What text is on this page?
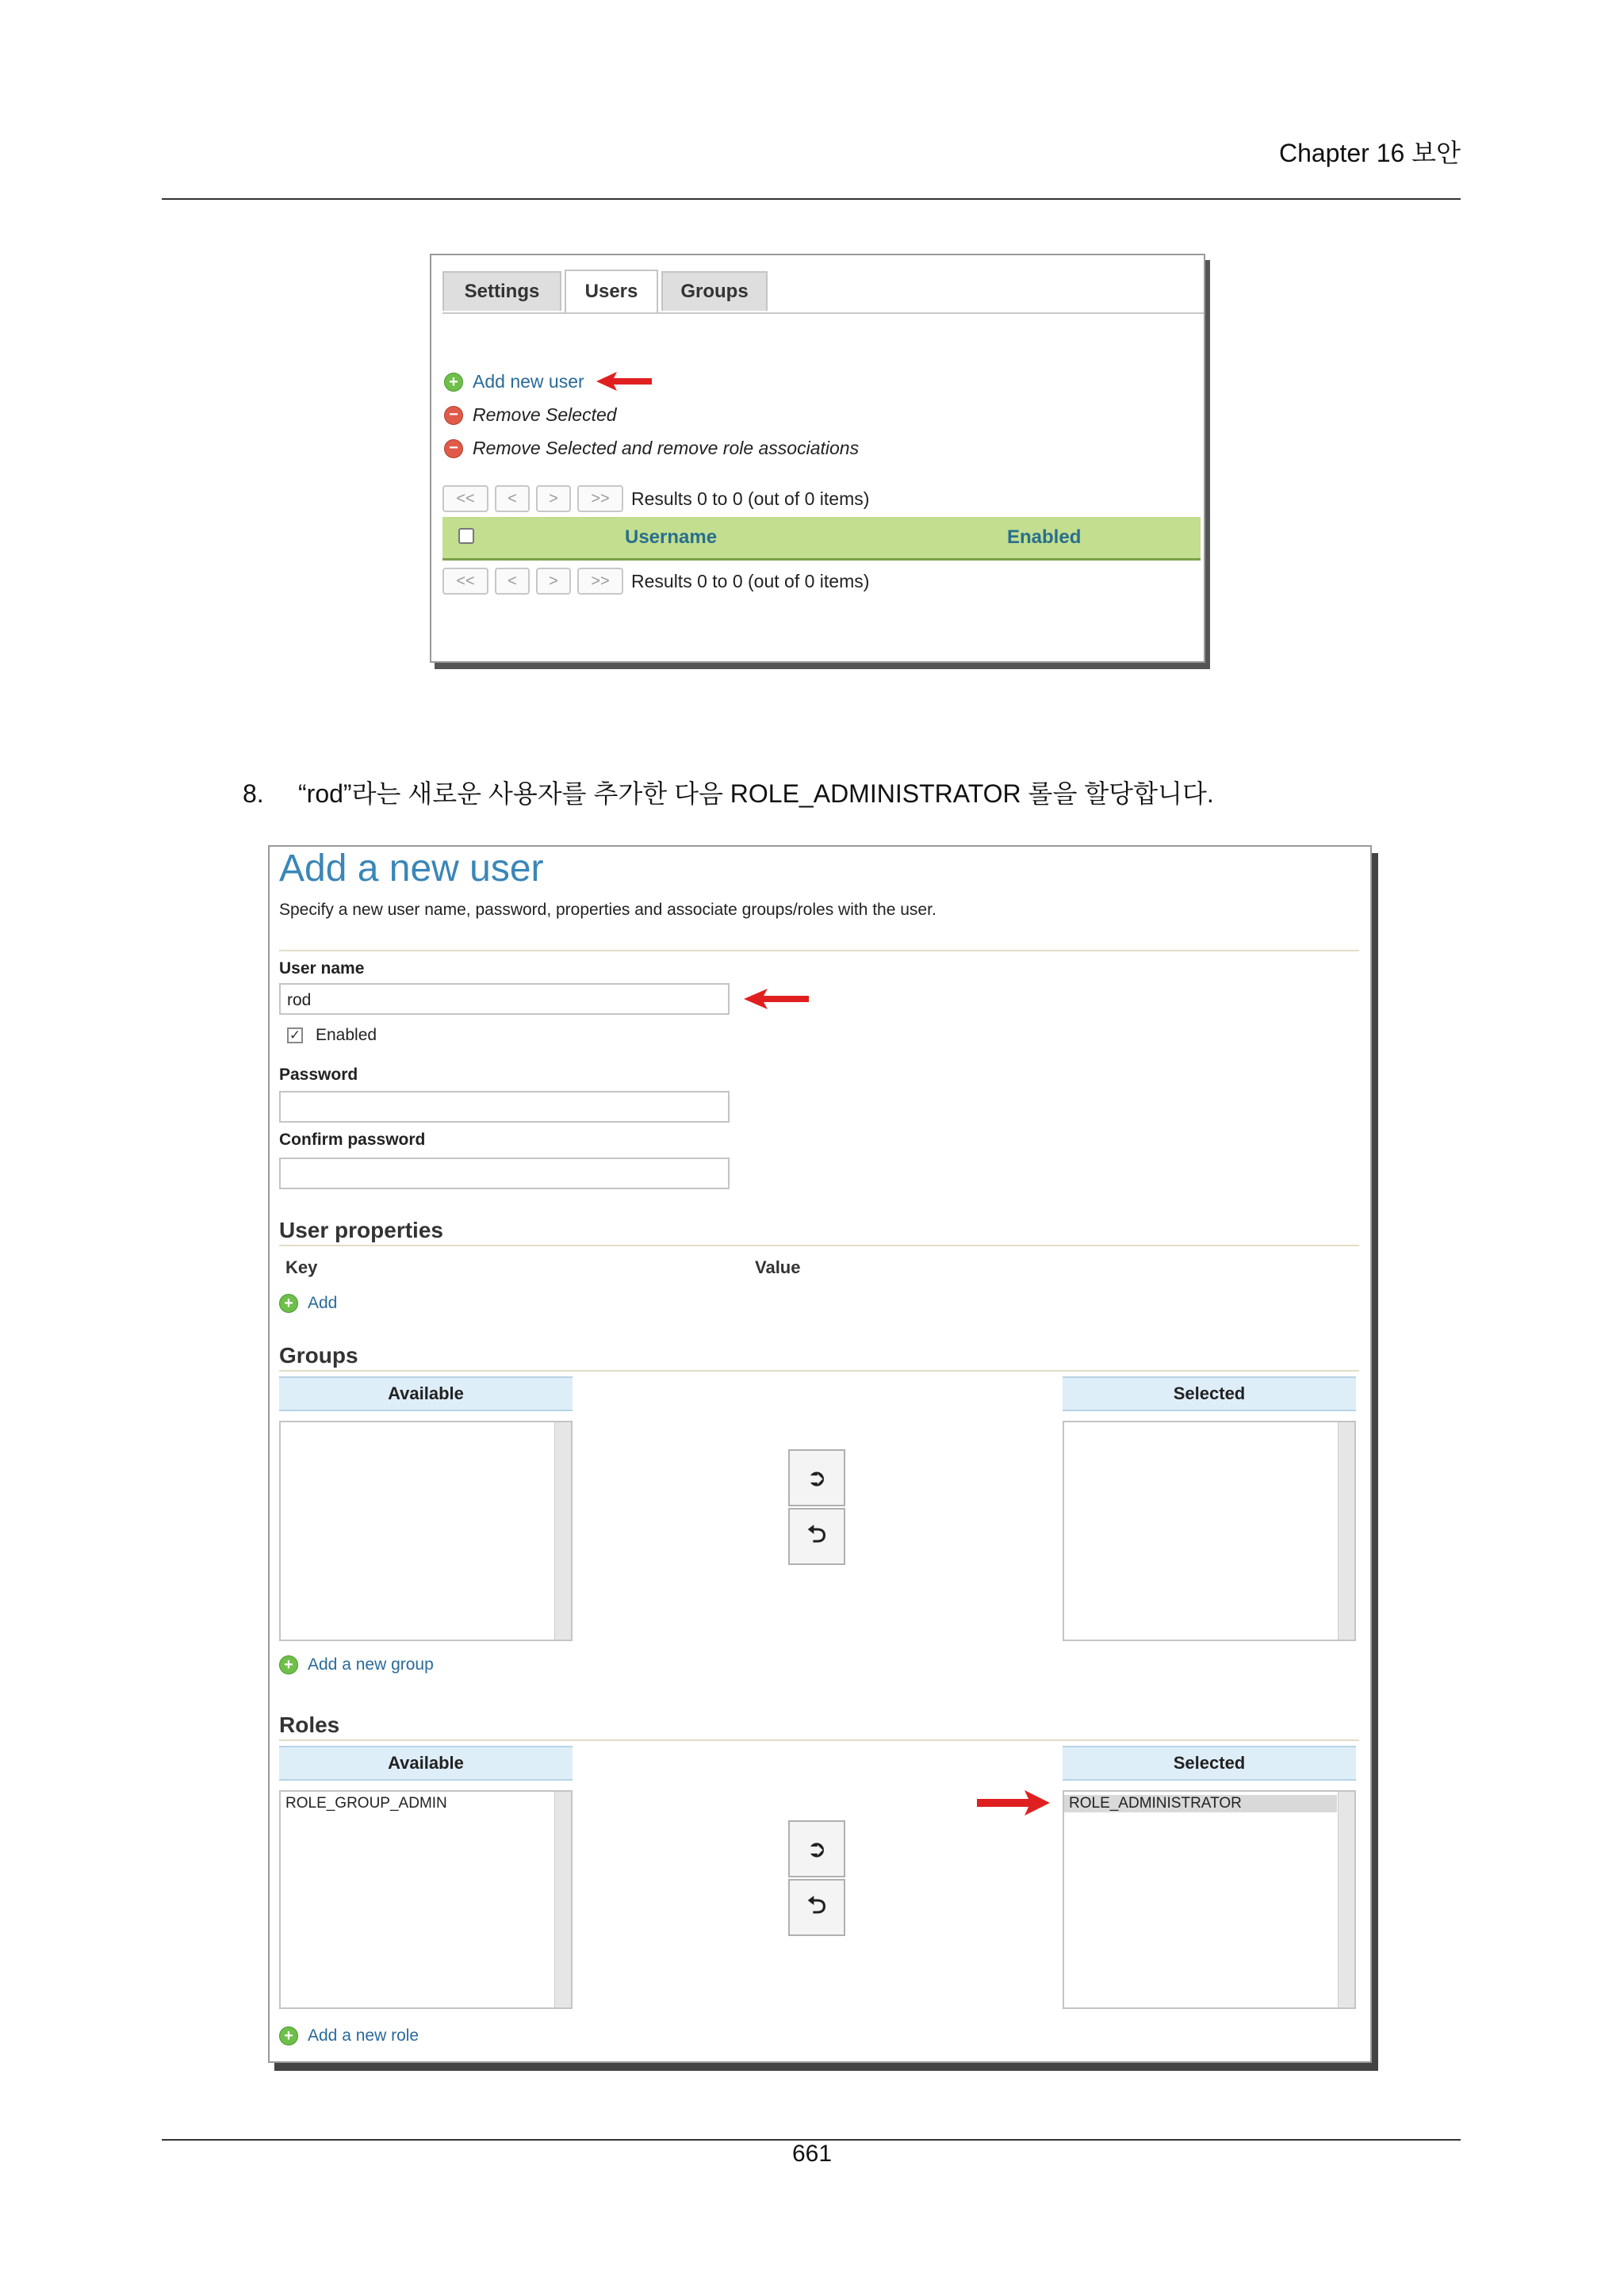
Chapter 16 보안
Settings	Users	Groups
+ Add new user
− Remove Selected
− Remove Selected and remove role associations
<<	<	>	>>	Results 0 to 0 (out of 0 items)
Username	Enabled
<<	<	>	>>	Results 0 to 0 (out of 0 items)
8. “rod”라는 새로운 사용자를 추가한 다음 ROLE_ADMINISTRATOR 롤을 할당합니다.
Add a new user
Specify a new user name, password, properties and associate groups/roles with the user.
User name
rod
✓ Enabled
Password
Confirm password
User properties
Key	Value
+ Add
Groups
Available	Selected
➲
⮌
+ Add a new group
Roles
Available	Selected
ROLE_GROUP_ADMIN	ROLE_ADMINISTRATOR
➲
⮌
+ Add a new role
661
